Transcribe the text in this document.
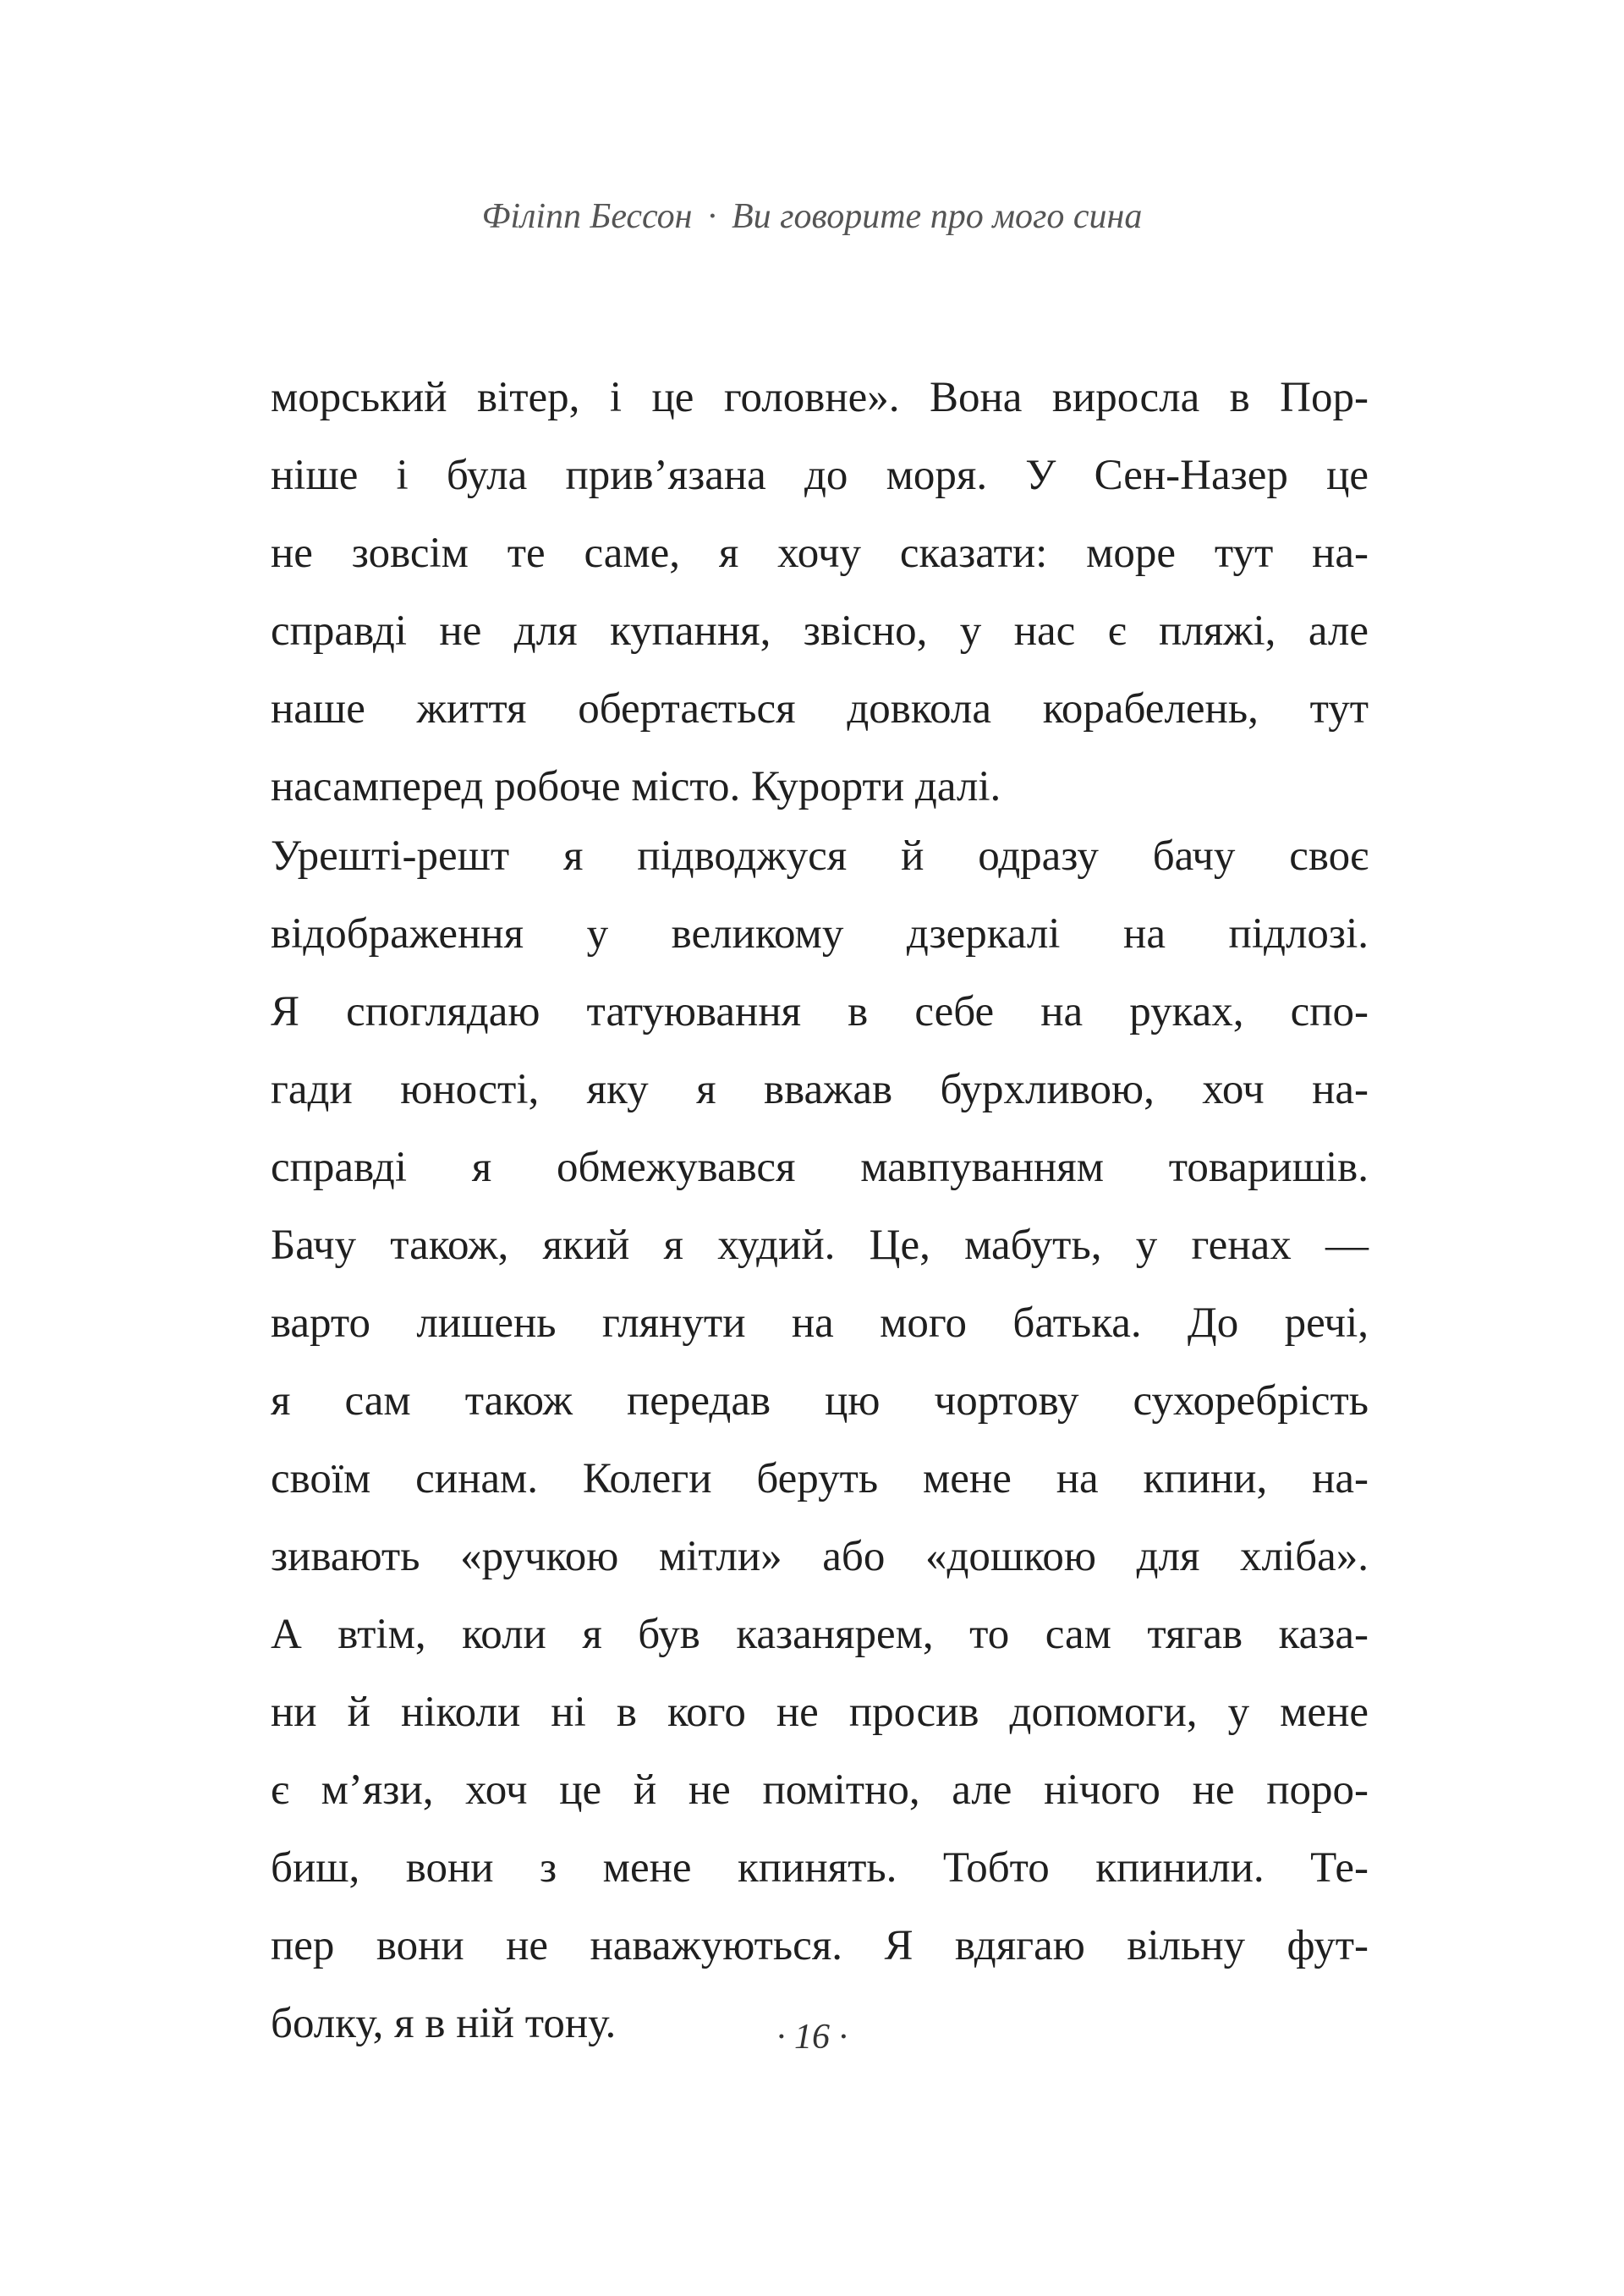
Філіпп Бессон · Ви говорите про мого сина
морський вітер, і це головне». Вона виросла в Пор-
ніше і була прив’язана до моря. У Сен-Назер це
не зовсім те саме, я хочу сказати: море тут на-
справді не для купання, звісно, у нас є пляжі, але
наше життя обертається довкола корабелень, тут
насамперед робоче місто. Курорти далі.
Урешті-решт я підводжуся й одразу бачу своє
відображення у великому дзеркалі на підлозі.
Я споглядаю татуювання в себе на руках, спо-
гади юності, яку я вважав бурхливою, хоч на-
справді я обмежувався мавпуванням товаришів.
Бачу також, який я худий. Це, мабуть, у генах —
варто лишень глянути на мого батька. До речі,
я сам також передав цю чортову сухоребрість
своїм синам. Колеги беруть мене на кпини, на-
зивають «ручкою мітли» або «дошкою для хліба».
А втім, коли я був казанярем, то сам тягав каза-
ни й ніколи ні в кого не просив допомоги, у мене
є м’язи, хоч це й не помітно, але нічого не поро-
биш, вони з мене кпинять. Тобто кпинили. Те-
пер вони не наважуються. Я вдягаю вільну фут-
болку, я в ній тону.	· 16 ·
